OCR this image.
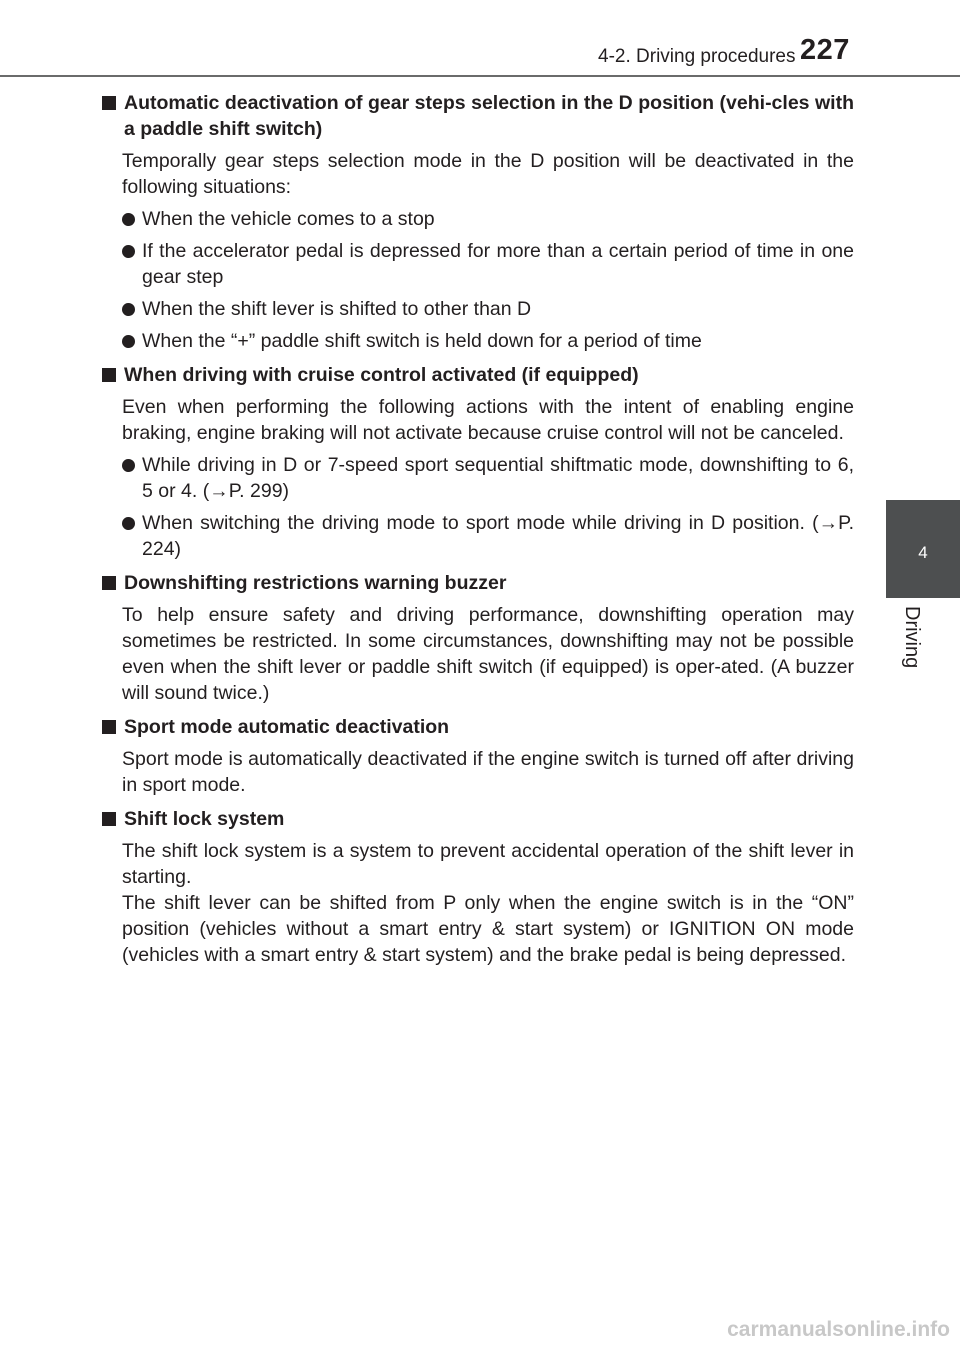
4-2. Driving procedures 227
4
Driving
Automatic deactivation of gear steps selection in the D position (vehi-cles with a paddle shift switch)
Temporally gear steps selection mode in the D position will be deactivated in the following situations:
When the vehicle comes to a stop
If the accelerator pedal is depressed for more than a certain period of time in one gear step
When the shift lever is shifted to other than D
When the “+” paddle shift switch is held down for a period of time
When driving with cruise control activated (if equipped)
Even when performing the following actions with the intent of enabling engine braking, engine braking will not activate because cruise control will not be canceled.
While driving in D or 7-speed sport sequential shiftmatic mode, downshifting to 6, 5 or 4. (→P. 299)
When switching the driving mode to sport mode while driving in D position. (→P. 224)
Downshifting restrictions warning buzzer
To help ensure safety and driving performance, downshifting operation may sometimes be restricted. In some circumstances, downshifting may not be possible even when the shift lever or paddle shift switch (if equipped) is oper-ated. (A buzzer will sound twice.)
Sport mode automatic deactivation
Sport mode is automatically deactivated if the engine switch is turned off after driving in sport mode.
Shift lock system
The shift lock system is a system to prevent accidental operation of the shift lever in starting.
The shift lever can be shifted from P only when the engine switch is in the “ON” position (vehicles without a smart entry & start system) or IGNITION ON mode (vehicles with a smart entry & start system) and the brake pedal is being depressed.
carmanualsonline.info
